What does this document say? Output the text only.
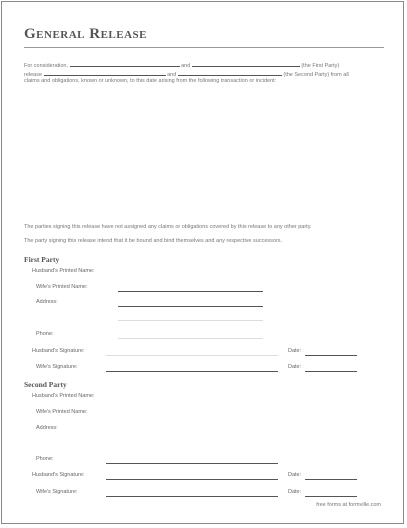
General Release
For consideration,	and	(the First Party)
release	and	(the Second Party) from all
claims and obligations, known or unknown, to this date arising from the following transaction or incident:
The parties signing this release have not assigned any claims or obligations covered by this release to any other party.
The party signing this release intend that it be bound and bind themselves and any respective successors.
First Party
Husband's Printed Name:
Wife's Printed Name:
Address:
Phone:
Husband's Signature:	Date:
Wife's Signature:	Date:
Second Party
Husband's Printed Name:
Wife's Printed Name:
Address:
Phone:
Husband's Signature:	Date:
Wife's Signature:	Date:
free forms at formville.com
